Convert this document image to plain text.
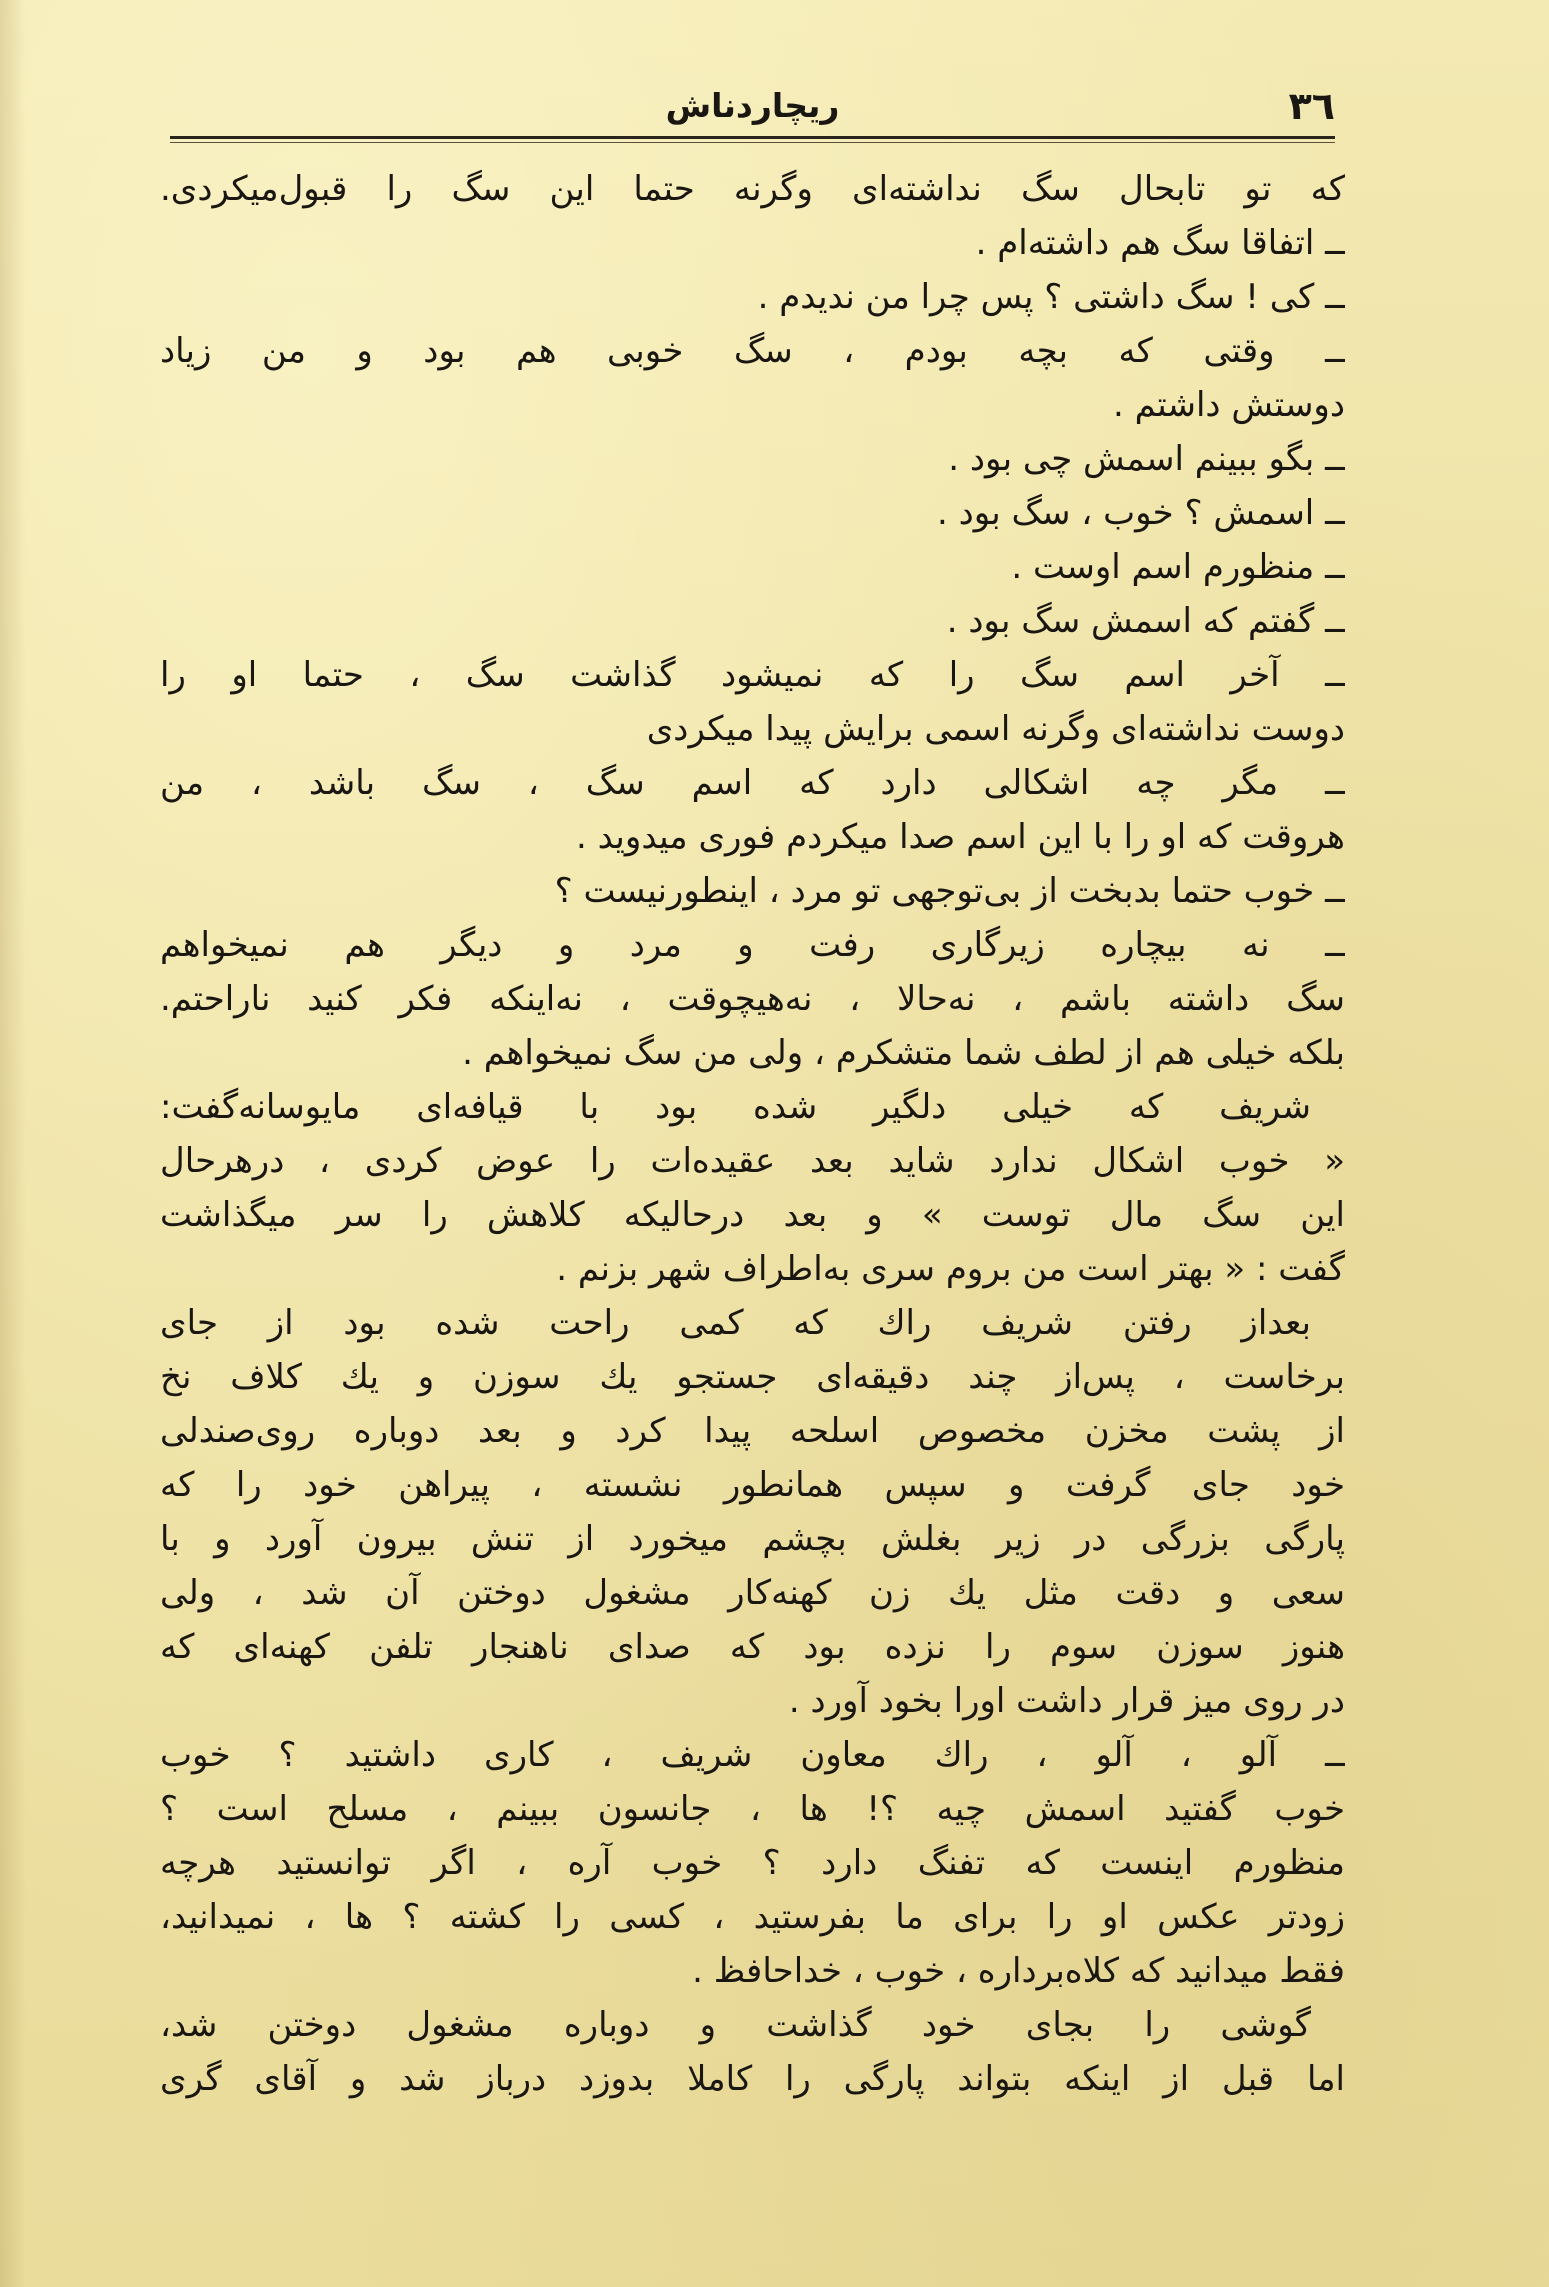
٣٦
ریچاردناش
که تو تابحال سگ نداشته‌ای وگرنه حتما این سگ را قبول‌میکردی.
ــ اتفاقا سگ هم داشته‌ام .
ــ کی ! سگ داشتی ؟ پس چرا من ندیدم .
ــ وقتی که بچه بودم ، سگ خوبی هم بود و من زیاد
دوستش داشتم .
ــ بگو ببینم اسمش چی بود .
ــ اسمش ؟ خوب ، سگ بود .
ــ منظورم اسم اوست .
ــ گفتم که اسمش سگ بود .
ــ آخر اسم سگ را که نمیشود گذاشت سگ ، حتما او را
دوست نداشته‌ای وگرنه اسمی برایش پیدا میکردی
ــ مگر چه اشکالی دارد که اسم سگ ، سگ باشد ، من
هروقت که او را با این اسم صدا میکردم فوری میدوید .
ــ خوب حتما بدبخت از بی‌توجهی تو مرد ، اینطورنیست ؟
ــ نه بیچاره زیرگاری رفت و مرد و دیگر هم نمیخواهم
سگ داشته باشم ، نه‌حالا ، نه‌هیچوقت ، نه‌اینکه فکر کنید ناراحتم.
بلکه خیلی هم از لطف شما متشکرم ، ولی من سگ نمیخواهم .
شریف که خیلی دلگیر شده بود با قیافه‌ای مایوسانه‌گفت:
« خوب اشکال ندارد شاید بعد عقیده‌ات را عوض کردی ، درهرحال
این سگ مال توست » و بعد درحالیکه کلاهش را سر میگذاشت
گفت : « بهتر است من بروم سری به‌اطراف شهر بزنم .
بعداز رفتن شریف راك که کمی راحت شده بود از جای
برخاست ، پس‌از چند دقیقه‌ای جستجو یك سوزن و یك کلاف نخ
از پشت مخزن مخصوص اسلحه پیدا کرد و بعد دوباره روی‌صندلی
خود جای گرفت و سپس همانطور نشسته ، پیراهن خود را که
پارگی بزرگی در زیر بغلش بچشم میخورد از تنش بیرون آورد و با
سعی و دقت مثل یك زن کهنه‌کار مشغول دوختن آن شد ، ولی
هنوز سوزن سوم را نزده بود که صدای ناهنجار تلفن کهنه‌ای که
در روی میز قرار داشت اورا بخود آورد .
ــ آلو ، آلو ، راك معاون شریف ، کاری داشتید ؟ خوب
خوب گفتید اسمش چیه ؟! ها ، جانسون ببینم ، مسلح است ؟
منظورم اینست که تفنگ دارد ؟ خوب آره ، اگر توانستید هرچه
زودتر عکس او را برای ما بفرستید ، کسی را کشته ؟ ها ، نمیدانید،
فقط میدانید که کلاه‌برداره ، خوب ، خداحافظ .
گوشی را بجای خود گذاشت و دوباره مشغول دوختن شد،
اما قبل از اینکه بتواند پارگی را کاملا بدوزد درباز شد و آقای گری
